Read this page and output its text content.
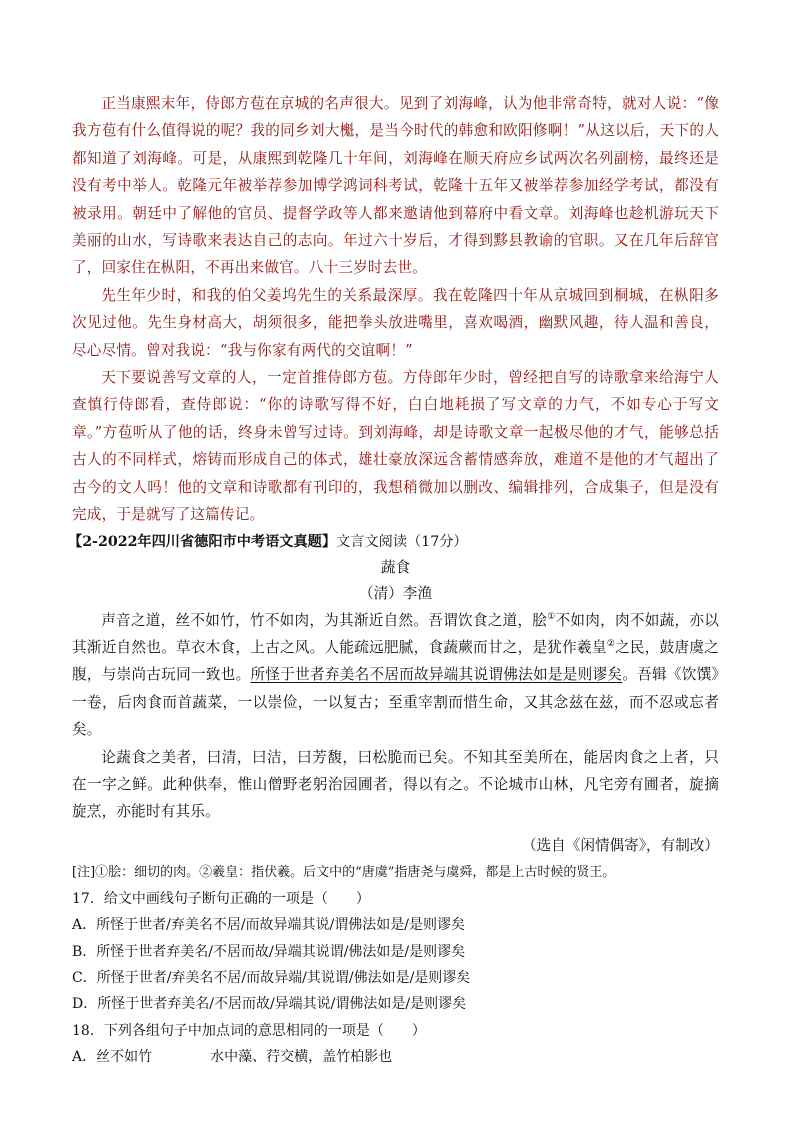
正当康熙末年，侍郎方苞在京城的名声很大。见到了刘海峰，认为他非常奇特，就对人说：“像我方苞有什么值得说的呢？我的同乡刘大櫆，是当今时代的韩愈和欧阳修啊！”从这以后，天下的人都知道了刘海峰。可是，从康熙到乾隆几十年间，刘海峰在顺天府应乡试两次名列副榜，最终还是没有考中举人。乾隆元年被举荐参加博学鸿词科考试，乾隆十五年又被举荐参加经学考试，都没有被录用。朝廷中了解他的官员、提督学政等人都来邀请他到幕府中看文章。刘海峰也趁机游玩天下美丽的山水，写诗歌来表达自己的志向。年过六十岁后，才得到黟县教谕的官职。又在几年后辞官了，回家住在枞阳，不再出来做官。八十三岁时去世。

先生年少时，和我的伯父姜坞先生的关系最深厚。我在乾隆四十年从京城回到桐城，在枞阳多次见过他。先生身材高大，胡须很多，能把拳头放进嘴里，喜欢喝酒，幽默风趣，待人温和善良，尽心尽情。曾对我说：“我与你家有两代的交谊啊！”

天下要说善写文章的人，一定首推侍郎方苞。方侍郎年少时，曾经把自写的诗歌拿来给海宁人查慎行侍郎看，查侍郎说：“你的诗歌写得不好，白白地耗损了写文章的力气，不如专心于写文章。”方苞听从了他的话，终身未曾写过诗。到刘海峰，却是诗歌文章一起极尽他的才气，能够总括古人的不同样式，熔铸而形成自己的体式，雄壮豪放深远含蓄情感奔放，难道不是他的才气超出了古今的文人吗！他的文章和诗歌都有刊印的，我想稍微加以删改、编辑排列，合成集子，但是没有完成，于是就写了这篇传记。

【2-2022年四川省德阳市中考语文真题】文言文阅读（17分）

蔬食

（清）李渔

声音之道，丝不如竹，竹不如肉，为其渐近自然。吾谓饮食之道，脍①不如肉，肉不如蔬，亦以其渐近自然也。草衣木食，上古之风。人能疏远肥腻，食蔬蕨而甘之，是犹作羲皇②之民，鼓唐虞之腹，与崇尚古玩同一致也。所怪于世者弃美名不居而故异端其说谓佛法如是是则谬矣。吾辑《饮馔》一卷，后肉食而首蔬菜，一以崇俭，一以复古；至重宰割而惜生命，又其念兹在兹，而不忍或忘者矣。

论蔬食之美者，曰清，曰洁，曰芳馥，曰松脆而已矣。不知其至美所在，能居肉食之上者，只在一字之鲜。此种供奉，惟山僧野老躬治园圃者，得以有之。不论城市山林，凡宅旁有圃者，旋摘旋烹，亦能时有其乐。

（选自《闲情偶寄》，有制改）

[注]①脍：细切的肉。②羲皇：指伏羲。后文中的“唐虞”指唐尧与虞舜，都是上古时候的贤王。

17．给文中画线句子断句正确的一项是（　　）

A．所怪于世者/弃美名不居/而故异端其说/谓佛法如是/是则谬矣

B．所怪于世者弃美名/不居而故/异端其说谓/佛法如是/是则谬矣

C．所怪于世者/弃美名不居/而故异端/其说谓/佛法如是/是则谬矣

D．所怪于世者弃美名/不居而故/异端其说/谓佛法如是/是则谬矣

18．下列各组句子中加点词的意思相同的一项是（　　）

A．丝不如竹	水中藻、荇交横，盖竹柏影也
